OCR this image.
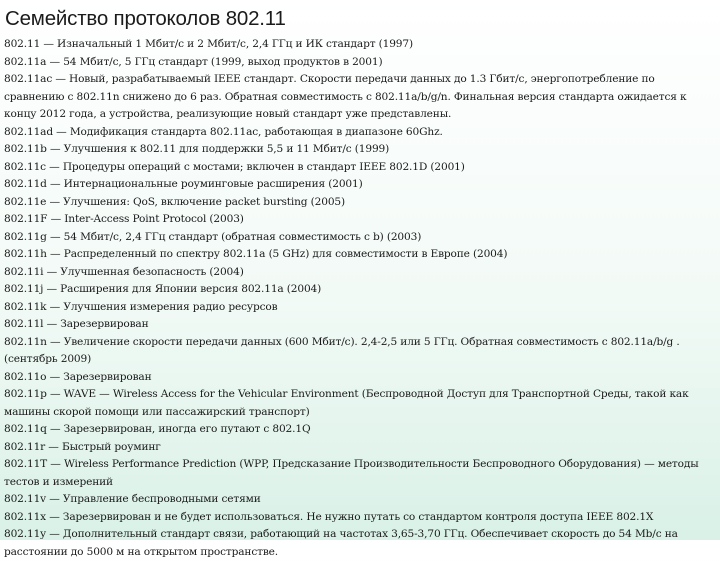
Семейство протоколов 802.11
802.11 — Изначальный 1 Мбит/c и 2 Мбит/c, 2,4 ГГц и ИК стандарт (1997)
802.11a — 54 Мбит/c, 5 ГГц стандарт (1999, выход продуктов в 2001)
802.11ac — Новый, разрабатываемый IEEE стандарт. Скорости передачи данных до 1.3 Гбит/с, энергопотребление по сравнению с 802.11n снижено до 6 раз. Обратная совместимость с 802.11a/b/g/n. Финальная версия стандарта ожидается к концу 2012 года, а устройства, реализующие новый стандарт уже представлены.
802.11ad — Модификация стандарта 802.11ac, работающая в диапазоне 60Ghz.
802.11b — Улучшения к 802.11 для поддержки 5,5 и 11 Мбит/с (1999)
802.11c — Процедуры операций с мостами; включен в стандарт IEEE 802.1D (2001)
802.11d — Интернациональные роуминговые расширения (2001)
802.11e — Улучшения: QoS, включение packet bursting (2005)
802.11F — Inter-Access Point Protocol (2003)
802.11g — 54 Мбит/c, 2,4 ГГц стандарт (обратная совместимость с b) (2003)
802.11h — Распределенный по спектру 802.11a (5 GHz) для совместимости в Европе (2004)
802.11i — Улучшенная безопасность (2004)
802.11j — Расширения для Японии версия 802.11a (2004)
802.11k — Улучшения измерения радио ресурсов
802.11l — Зарезервирован
802.11n — Увеличение скорости передачи данных (600 Мбит/c). 2,4-2,5 или 5 ГГц. Обратная совместимость с 802.11a/b/g . (сентябрь 2009)
802.11o — Зарезервирован
802.11p — WAVE — Wireless Access for the Vehicular Environment (Беспроводной Доступ для Транспортной Среды, такой как машины скорой помощи или пассажирский транспорт)
802.11q — Зарезервирован, иногда его путают с 802.1Q
802.11r — Быстрый роуминг
802.11T — Wireless Performance Prediction (WPP, Предсказание Производительности Беспроводного Оборудования) — методы тестов и измерений
802.11v — Управление беспроводными сетями
802.11x — Зарезервирован и не будет использоваться. Не нужно путать со стандартом контроля доступа IEEE 802.1X
802.11y — Дополнительный стандарт связи, работающий на частотах 3,65-3,70 ГГц. Обеспечивает скорость до 54 Mb/с на расстоянии до 5000 м на открытом пространстве.
